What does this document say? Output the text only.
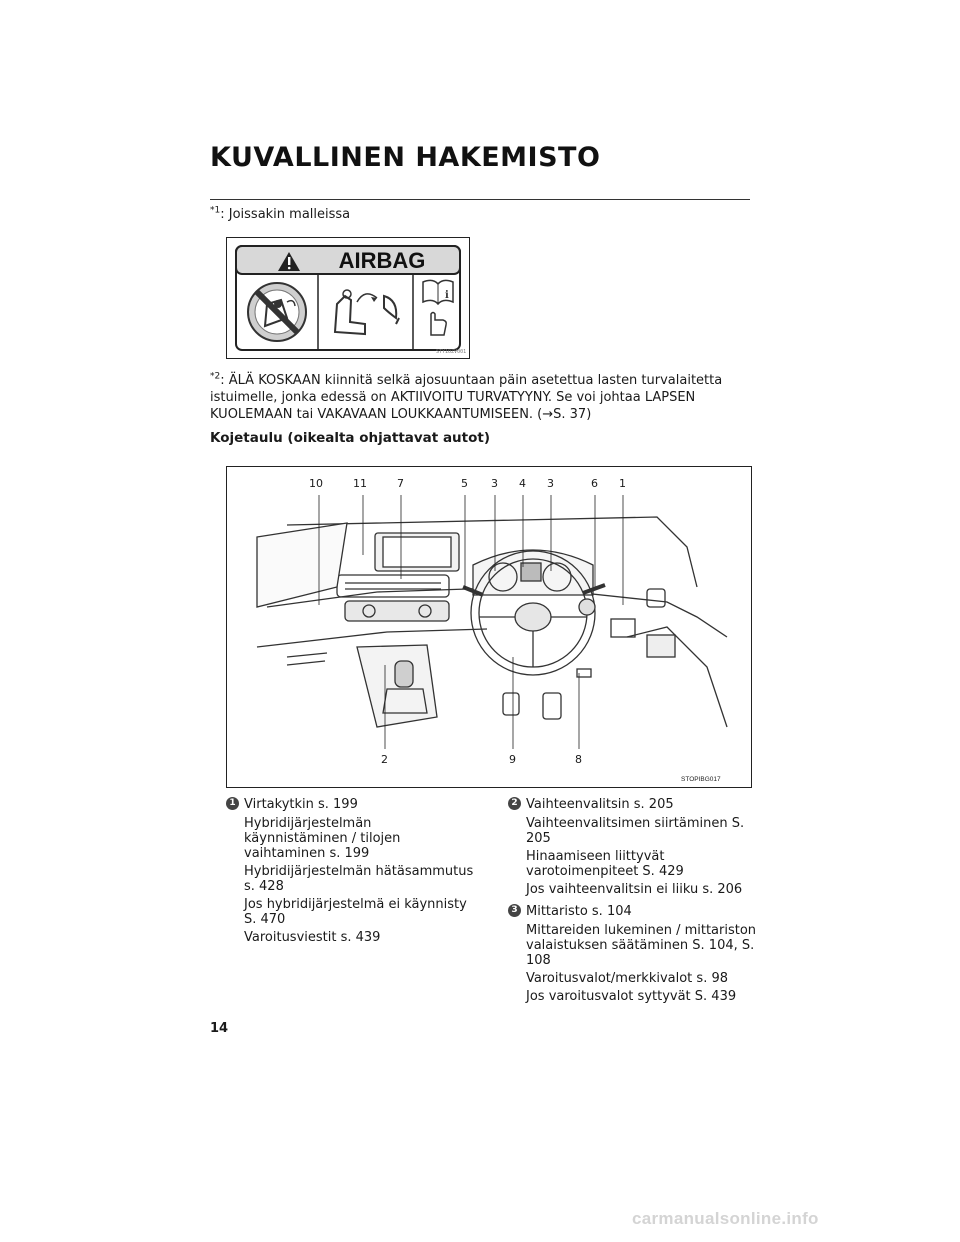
KUVALLINEN HAKEMISTO
$^{*1}$: Joissakin malleissa
AIRBAG
i
STY1OZV001
$^{*2}$: ÄLÄ KOSKAAN kiinnitä selkä ajosuuntaan päin asetettua lasten turvalaitetta istuimelle, jonka edessä on AKTIIVOITU TURVATYYNY. Se voi johtaa LAPSEN KUOLEMAAN tai VAKAVAAN LOUKKAANTUMISEEN. (→S. 37)
Kojetaulu (oikealta ohjattavat autot)
10	11	7	5 3 4 3	6 1
2	9	8
STOPIBG017
1 Virtakytkin s. 199
Hybridijärjestelmän käynnistäminen / tilojen vaihtaminen s. 199
Hybridijärjestelmän hätäsammutus s. 428
Jos hybridijärjestelmä ei käynnisty S. 470
Varoitusviestit s. 439
2 Vaihteenvalitsin s. 205
Vaihteenvalitsimen siirtäminen S. 205
Hinaamiseen liittyvät varotoimenpiteet S. 429
Jos vaihteenvalitsin ei liiku s. 206
3 Mittaristo s. 104
Mittareiden lukeminen / mittariston valaistuksen säätäminen S. 104, S. 108
Varoitusvalot/merkkivalot s. 98
Jos varoitusvalot syttyvät S. 439
14
carmanualsonline.info
